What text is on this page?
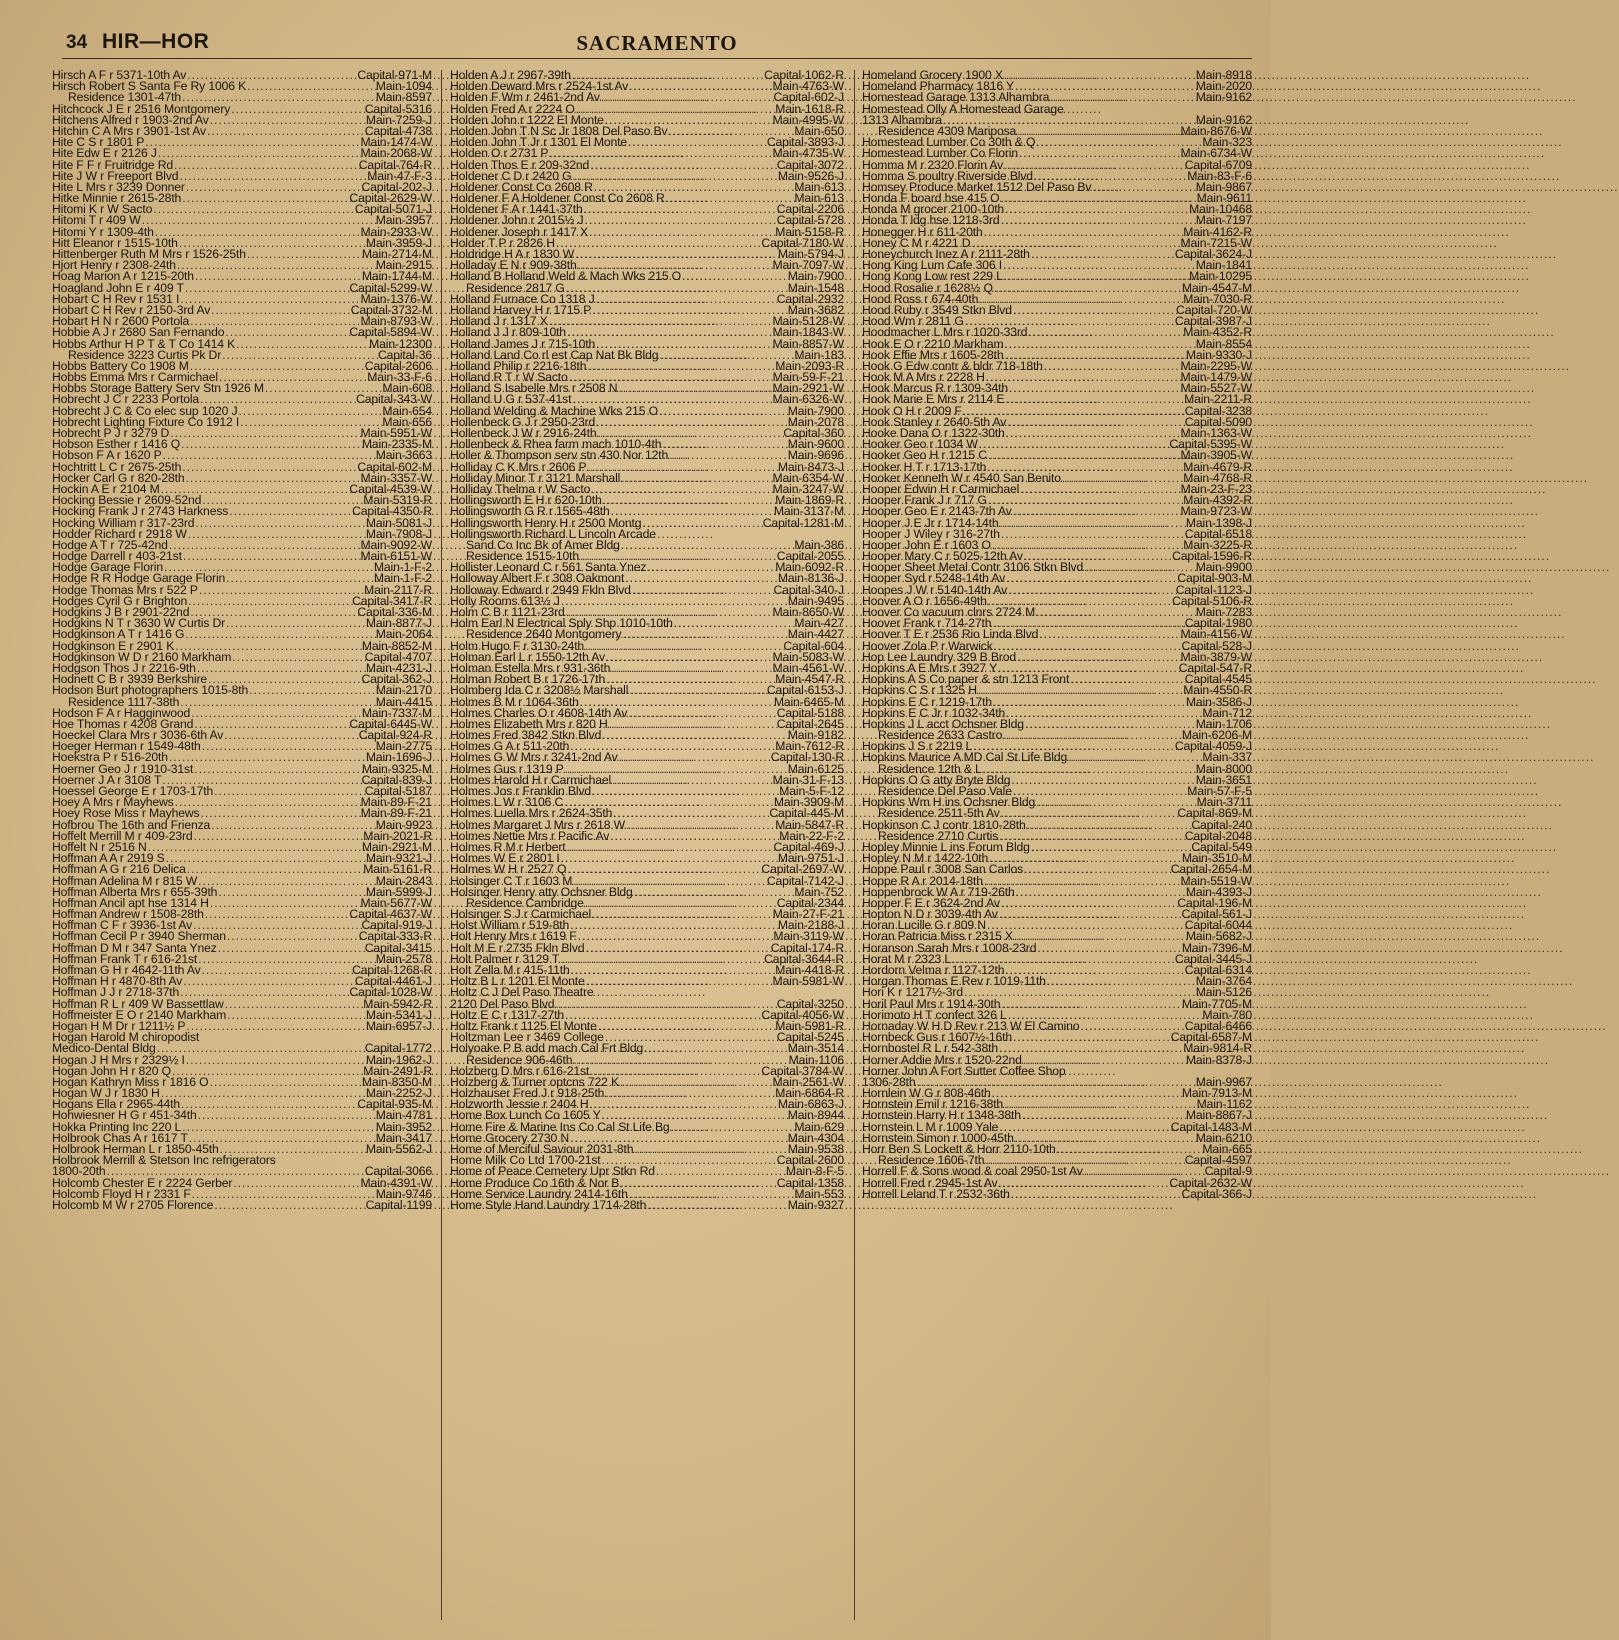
34 HIR—HOR	SACRAMENTO
Hirsch A F r 5371-10th Av .....	Capital-971-M
Hirsch Robert S Santa Fe Ry 1006 K .....	Main-1094
Residence 1301-47th .....	Main-8597
Hitchcock J E r 2516 Montgomery .....	Capital-5316
Hitchens Alfred r 1903-2nd Av .....	Main-7259-J
Hitchin C A Mrs r 3901-1st Av .....	Capital-4738
Hite C S r 1801 P .....	Main-1474-W
Hite Edw E r 2126 J .....	Main-2068-W
Hite F F r Fruitridge Rd .....	Capital-764-R
Hite J W r Freeport Blvd .....	Main-47-F-3
Hite L Mrs r 3239 Donner .....	Capital-202-J
Hitke Minnie r 2615-28th .....	Capital-2629-W
Hitomi K r W Sacto .....	Capital-5071-J
Hitomi T r 409 W .....	Main-3957
Hitomi Y r 1309-4th .....	Main-2933-W
Hitt Eleanor r 1515-10th .....	Main-3959-J
Hittenberger Ruth M Mrs r 1526-25th .....	Main-2714-M
Hjort Henry r 2308-24th .....	Main-2915
Hoag Marion A r 1215-20th .....	Main-1744-M
Hoagland John E r 409 T .....	Capital-5299-W
Hobart C H Rev r 1531 I .....	Main-1376-W
Hobart C H Rev r 2150-3rd Av .....	Capital-3732-M
Hobart H N r 2600 Portola .....	Main-8793-W
Hobbie A J r 2680 San Fernando .....	Capital-5894-W
Hobbs Arthur H P T & T Co 1414 K .....	Main-12300
Residence 3223 Curtis Pk Dr .....	Capital-36
Hobbs Battery Co 1908 M .....	Capital-2606
Hobbs Emma Mrs r Carmichael .....	Main-33-F-6
Hobbs Storage Battery Serv Stn 1926 M .....	Main-608
Hobrecht J C r 2233 Portola .....	Capital-343-W
Hobrecht J C & Co elec sup 1020 J .....	Main-654
Hobrecht Lighting Fixture Co 1912 I .....	Main-656
Hobrecht P J r 3279 D .....	Main-5951-W
Hobson Esther r 1416 Q .....	Main-2335-M
Hobson F A r 1620 P .....	Main-3663
Hochtritt L C r 2675-25th .....	Capital-602-M
Hocker Carl G r 820-28th .....	Main-3357-W
Hockin A E r 2104 M .....	Capital-4539-W
Hocking Bessie r 2609-52nd .....	Main-5319-R
Hocking Frank J r 2743 Harkness .....	Capital-4350-R
Hocking William r 317-23rd .....	Main-5081-J
Hodder Richard r 2918 W .....	Main-7908-J
Hodge A T r 725-42nd .....	Main-9092-W
Hodge Darrell r 403-21st .....	Main-6151-W
Hodge Garage Florin .....	Main-1-F-2
Hodge R R Hodge Garage Florin .....	Main-1-F-2
Hodge Thomas Mrs r 522 P .....	Main-2117-R
Hodges Cyril G r Brighton .....	Capital-3417-R
Hodgkins J B r 2901-22nd .....	Capital-336-M
Hodgkins N T r 3630 W Curtis Dr .....	Main-8877-J
Hodgkinson A T r 1416 G .....	Main-2064
Hodgkinson E r 2901 K .....	Main-8852-M
Hodgkinson W D r 2160 Markham .....	Capital-4707
Hodgson Thos J r 2216-9th .....	Main-4231-J
Hodnett C B r 3939 Berkshire .....	Capital-362-J
Hodson Burt photographers 1015-8th .....	Main-2170
Residence 1117-38th .....	Main-4415
Hodson F A r Hagginwood .....	Main-7337-M
Hoe Thomas r 4208 Grand .....	Capital-6445-W
Hoeckel Clara Mrs r 3036-6th Av .....	Capital-924-R
Hoeger Herman r 1549-48th .....	Main-2775
Hoekstra P r 516-20th .....	Main-1696-J
Hoerner Geo J r 1910-31st .....	Main-9325-M
Hoerner J A r 3108 T .....	Capital-839-J
Hoessel George E r 1703-17th .....	Capital-5187
Hoey A Mrs r Mayhews .....	Main-89-F-21
Hoey Rose Miss r Mayhews .....	Main-89-F-21
Hofbrou The 16th and Frienza .....	Main-9923
Hoffelt Merrill M r 409-23rd .....	Main-2021-R
Hoffelt N r 2516 N .....	Main-2921-M
Hoffman A A r 2919 S .....	Main-9321-J
Hoffman A G r 216 Delica .....	Main-5161-R
Hoffman Adelina M r 815 W .....	Main-2843
Hoffman Alberta Mrs r 655-39th .....	Main-5999-J
Hoffman Ancil apt hse 1314 H .....	Main-5677-W
Hoffman Andrew r 1508-28th .....	Capital-4637-W
Hoffman C F r 3936-1st Av .....	Capital-919-J
Hoffman Cecil P r 3940 Sherman .....	Capital-333-R
Hoffman D M r 347 Santa Ynez .....	Capital-3415
Hoffman Frank T r 616-21st .....	Main-2578
Hoffman G H r 4642-11th Av .....	Capital-1268-R
Hoffman H r 4870-8th Av .....	Capital-4461-J
Hoffman J J r 2718-37th .....	Capital-1028-W
Hoffman R L r 409 W Bassettlaw .....	Main-5942-R
Hoffmeister E O r 2140 Markham .....	Main-5341-J
Hogan H M Dr r 1211½ P .....	Main-6957-J
Hogan Harold M chiropodist
Medico-Dental Bldg .....	Capital-1772
Hogan J H Mrs r 2329½ I .....	Main-1962-J
Hogan John H r 820 Q .....	Main-2491-R
Hogan Kathryn Miss r 1816 O .....	Main-8350-M
Hogan W J r 1830 H .....	Main-2252-J
Hogans Ella r 2965-44th .....	Capital-935-M
Hohwiesner H G r 451-34th .....	Main-4781
Hokka Printing Inc 220 L .....	Main-3952
Holbrook Chas A r 1617 T .....	Main-3417
Holbrook Herman L r 1850-45th .....	Main-5562-J
Holbrook Merrill & Stetson Inc refrigerators
1800-20th .....	Capital-3066
Holcomb Chester E r 2224 Gerber .....	Main-4391-W
Holcomb Floyd H r 2331 F .....	Main-9746
Holcomb M W r 2705 Florence .....	Capital-1199
Holden A J r 2967-39th .....	Capital-1062-R
Holden Deward Mrs r 2524-1st Av .....	Main-4763-W
Holden F Wm r 2461-2nd Av .....	Capital-602-J
Holden Fred A r 2224 O .....	Main-1618-R
Holden John r 1222 El Monte .....	Main-4995-W
Holden John T N Sc Jr 1808 Del Paso Bv .....	Main-650
Holden John T Jr r 1301 El Monte .....	Capital-3893-J
Holden O r 2731 P .....	Main-4735-W
Holden Thos E r 209-32nd .....	Capital-3072
Holdener C D r 2420 G .....	Main-9526-J
Holdener Const Co 2608 R .....	Main-613
Holdener F A Holdener Const Co 2608 R .....	Main-613
Holdener F A r 1441-37th .....	Capital-2206
Holdener John r 2015½ J .....	Capital-5728
Holdener Joseph r 1417 X .....	Main-5158-R
Holder T P r 2826 H .....	Capital-7180-W
Holdridge H A r 1830 W .....	Main-5794-J
Holladay E N r 909-38th .....	Main-7097-W
Holland B Holland Weld & Mach Wks 215 O .....	Main-7900
Residence 2817 G .....	Main-1548
Holland Furnace Co 1318 J .....	Capital-2932
Holland Harvey H r 1715 P .....	Main-3682
Holland J r 1317 X .....	Main-5128-W
Holland J J r 809-10th .....	Main-1843-W
Holland James J r 715-10th .....	Main-8857-W
Holland Land Co rl est Cap Nat Bk Bldg .....	Main-183
Holland Philip r 2216-18th .....	Main-2093-R
Holland R T r W Sacto .....	Main-59-F-21
Holland S Isabelle Mrs r 2508 N .....	Main-2921-W
Holland U G r 537-41st .....	Main-6326-W
Holland Welding & Machine Wks 215 O .....	Main-7900
Hollenbeck G J r 2950-23rd .....	Main-2078
Hollenbeck J W r 2916-24th .....	Capital-360
Hollenbeck & Rhea farm mach 1010-4th .....	Main-9600
Holler & Thompson serv stn 430 Nor 12th .....	Main-9696
Holliday C K Mrs r 2606 P .....	Main-8473-J
Holliday Minor T r 3121 Marshall .....	Main-6354-W
Holliday Thelma r W Sacto .....	Main-3247-W
Hollingsworth E H r 620-10th .....	Main-1869-R
Hollingsworth G R r 1565-48th .....	Main-3137-M
Hollingsworth Henry H r 2500 Montg .....	Capital-1281-M
Hollingsworth Richard L Lincoln Arcade
Sand Co Inc Bk of Amer Bldg .....	Main-386
Residence 1515-10th .....	Capital-2055
Hollister Leonard C r 561 Santa Ynez .....	Main-6092-R
Holloway Albert F r 308 Oakmont .....	Main-8136-J
Holloway Edward r 2949 Fkln Blvd .....	Capital-340-J
Holly Rooms 613½ J .....	Main-9495
Holm C B r 1121-23rd .....	Main-8650-W
Holm Earl N Electrical Sply Shp 1010-10th .....	Main-427
Residence 2640 Montgomery .....	Main-4427
Holm Hugo F r 3130-24th .....	Capital-604
Holman Earl L r 1550-12th Av .....	Main-5083-W
Holman Estella Mrs r 931-36th .....	Main-4561-W
Holman Robert B r 1726-17th .....	Main-4547-R
Holmberg Ida C r 3208½ Marshall .....	Capital-6153-J
Holmes B M r 1064-36th .....	Main-6465-M
Holmes Charles O r 4608-14th Av .....	Capital-5188
Holmes Elizabeth Mrs r 820 H .....	Capital-2645
Holmes Fred 3842 Stkn Blvd .....	Main-9182
Holmes G A r 511-20th .....	Main-7612-R
Holmes G W Mrs r 3241-2nd Av .....	Capital-130-R
Holmes Gus r 1319 P .....	Main-6125
Holmes Harold H r Carmichael .....	Main-31-F-13
Holmes Jos r Franklin Blvd .....	Main-5-F-12
Holmes L W r 3106 C .....	Main-3909-M
Holmes Luella Mrs r 2624-35th .....	Capital-445-M
Holmes Margaret J Mrs r 2618 W .....	Main-5847-R
Holmes Nettie Mrs r Pacific Av .....	Main-22-F-2
Holmes R M r Herbert .....	Capital-469-J
Holmes W E r 2801 I .....	Main-9751-J
Holmes W H r 2527 Q .....	Capital-2697-W
Holsinger C T r 1603 M .....	Capital-7142-J
Holsinger Henry atty Ochsner Bldg .....	Main-752
Residence Cambridge .....	Capital-2344
Holsinger S J r Carmichael .....	Main-27-F-21
Holst William r 519-8th .....	Main-2188-J
Holt Henry Mrs r 1619 F .....	Main-3119-W
Holt M E r 2735 Fkln Blvd .....	Capital-174-R
Holt Palmer r 3129 T .....	Capital-3644-R
Holt Zella M r 415-11th .....	Main-4418-R
Holtz B L r 1201 El Monte .....	Main-5981-W
Holtz C J Del Paso Theatre
2120 Del Paso Blvd .....	Capital-3250
Holtz E C r 1317-27th .....	Capital-4056-W
Holtz Frank r 1125 El Monte .....	Main-5981-R
Holtzman Lee r 3469 College .....	Capital-5245
Holyoake P B add mach Cal Frt Bldg .....	Main-3514
Residence 906-46th .....	Main-1106
Holzberg D Mrs r 616-21st .....	Capital-3784-W
Holzberg & Turner optcns 722 K .....	Main-2561-W
Holzhauser Fred J r 918-25th .....	Main-6864-R
Holzworth Jessie r 2404 H .....	Main-6863-J
Home Box Lunch Co 1605 Y .....	Main-8944
Home Fire & Marine Ins Co Cal St Life Bg .....	Main-629
Home Grocery 2730 N .....	Main-4304
Home of Merciful Saviour 2031-8th .....	Main-9538
Home Milk Co Ltd 1700-21st .....	Capital-2600
Home of Peace Cemetery Upr Stkn Rd .....	Main-8-F-5
Home Produce Co 16th & Nor B .....	Capital-1358
Home Service Laundry 2414-16th .....	Main-553
Home Style Hand Laundry 1714-28th .....	Main-9327
Homeland Grocery 1900 X .....	Main-8918
Homeland Pharmacy 1816 Y .....	Main-2020
Homestead Garage 1313 Alhambra .....	Main-9162
Homestead Olly A Homestead Garage
1313 Alhambra .....	Main-9162
Residence 4309 Mariposa .....	Main-8676-W
Homestead Lumber Co 30th & Q .....	Main-323
Homestead Lumber Co Florin .....	Main-6734-W
Homma M r 2320 Florin Av .....	Capital-6709
Homma S poultry Riverside Blvd .....	Main-83-F-6
Homsey Produce Market 1512 Del Paso Bv .....	Main-9867
Honda F board hse 415 O .....	Main-9611
Honda M grocer 2100-10th .....	Main-10468
Honda T ldg hse 1218-3rd .....	Main-7197
Honegger H r 611-20th .....	Main-4162-R
Honey C M r 4221 D .....	Main-7215-W
Honeychurch Inez A r 2111-28th .....	Capital-3624-J
Hong King Lum Cafe 306 I .....	Main-1841
Hong Kong Low rest 229 L .....	Main-10295
Hood Rosalie r 1628½ Q .....	Main-4547-M
Hood Ross r 674-40th .....	Main-7030-R
Hood Ruby r 3549 Stkn Blvd .....	Capital-720-W
Hood Wm r 2811 G .....	Capital-3987-J
Hoodmacher L Mrs r 1020-33rd .....	Main-4352-R
Hook E O r 2210 Markham .....	Main-8554
Hook Effie Mrs r 1605-28th .....	Main-9330-J
Hook G Edw contr & bldr 718-18th .....	Main-2295-W
Hook M A Mrs r 2228 H .....	Main-1479-W
Hook Marcus R r 1309-34th .....	Main-5527-W
Hook Marie E Mrs r 2114 E .....	Main-2211-R
Hook O H r 2009 F .....	Capital-3238
Hook Stanley r 2640-5th Av .....	Capital-5090
Hooke Dana O r 1322-30th .....	Main-1363-W
Hooker Geo r 1034 W .....	Capital-5395-W
Hooker Geo H r 1215 C .....	Main-3905-W
Hooker H T r 1713-17th .....	Main-4679-R
Hooker Kenneth W r 4540 San Benito .....	Main-4768-R
Hooper Edwin H r Carmichael .....	Main-23-F-23
Hooper Frank J r 717 G .....	Main-4392-R
Hooper Geo E r 2143-7th Av .....	Main-9723-W
Hooper J E Jr r 1714-14th .....	Main-1398-J
Hooper J Wiley r 316-27th .....	Capital-6518
Hooper John E r 1603 O .....	Main-3225-R
Hooper Mary C r 5025-12th Av .....	Capital-1596-R
Hooper Sheet Metal Contr 3106 Stkn Blvd .....	Main-9900
Hooper Syd r 5248-14th Av .....	Capital-903-M
Hoopes J W r 5140-14th Av .....	Capital-1123-J
Hoover A O r 1656-49th .....	Capital-5106-R
Hoover Co vacuum clnrs 2724 M .....	Main-7283
Hoover Frank r 714-27th .....	Capital-1980
Hoover T E r 2536 Rio Linda Blvd .....	Main-4156-W
Hoover Zola P r Warwick .....	Capital-528-J
Hop Lee Laundry 329 B Brod .....	Main-3879-W
Hopkins A E Mrs r 3927 Y .....	Capital-547-R
Hopkins A S Co paper & stn 1213 Front .....	Capital-4545
Hopkins C S r 1325 H .....	Main-4550-R
Hopkins E C r 1219-17th .....	Main-3586-J
Hopkins E C Jr r 1032-34th .....	Main-712
Hopkins J L acct Ochsner Bldg .....	Main-1706
Residence 2633 Castro .....	Main-6206-M
Hopkins J S r 2219 L .....	Capital-4059-J
Hopkins Maurice A MD Cal St Life Bldg .....	Main-337
Residence 12th & L .....	Main-8000
Hopkins O G atty Bryte Bldg .....	Main-3651
Residence Del Paso Vale .....	Main-57-F-5
Hopkins Wm H ins Ochsner Bldg .....	Main-3711
Residence 2511-5th Av .....	Capital-869-M
Hopkinson C J contr 1810-28th .....	Capital-240
Residence 2710 Curtis .....	Capital-2048
Hopley Minnie L ins Forum Bldg .....	Capital-549
Hopley N M r 1422-10th .....	Main-3510-M
Hoppe Paul r 3008 San Carlos .....	Capital-2654-M
Hoppe R A r 2014-18th .....	Main-5519-W
Hoppenbrock W A r 719-26th .....	Main-4393-J
Hopper F E r 3624-2nd Av .....	Capital-196-M
Hopton N D r 3039-4th Av .....	Capital-561-J
Horan Lucille G r 809 N .....	Capital-6044
Horan Patricia Miss r 2315 X .....	Main-5682-J
Horanson Sarah Mrs r 1008-23rd .....	Main-7396-M
Horat M r 2323 L .....	Capital-3445-J
Hordorn Velma r 1127-12th .....	Capital-6314
Horgan Thomas E Rev r 1019-11th .....	Main-3764
Hori K r 1217½-3rd .....	Main-5126
Horil Paul Mrs r 1914-30th .....	Main-7705-M
Horimoto H T confect 326 L .....	Main-780
Hornaday W H D Rev r 213 W El Camino .....	Capital-6466
Hornbeck Gus r 1607½-16th .....	Capital-6587-M
Hornbostel R L r 542-38th .....	Main-9814-R
Horner Addie Mrs r 1520-22nd .....	Main-8378-J
Horner John A Fort Sutter Coffee Shop
1306-28th .....	Main-9967
Hornlein W G r 808-46th .....	Main-7913-M
Hornstein Emil r 1216-38th .....	Main-1162
Hornstein Harry H r 1348-38th .....	Main-8867-J
Hornstein L M r 1009 Yale .....	Capital-1483-M
Hornstein Simon r 1000-45th .....	Main-6210
Horr Ben S Lockett & Horr 2110-10th .....	Main-665
Residence 1606-7th .....	Capital-4597
Horrell F & Sons wood & coal 2950-1st Av .....	Capital-9
Horrell Fred r 2945-1st Av .....	Capital-2632-W
Horrell Leland T r 2532-36th .....	Capital-366-J
